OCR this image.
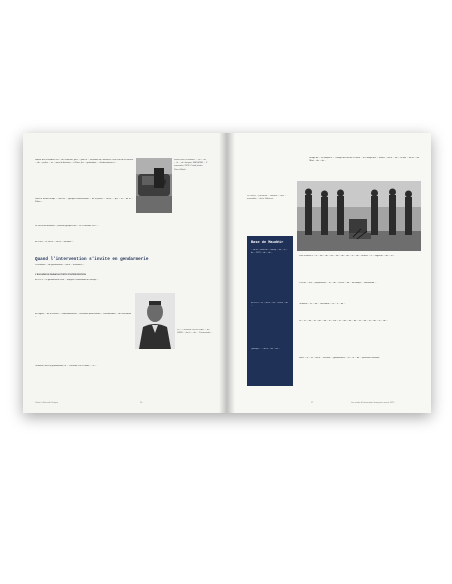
Robert BROUSSARD est ... de l'Intérieur, puis ... pour le ... ministère de l'Intérieur; il est chef de la section ... de ... police ... et ... sous la direction ... à Paris, les ... opérations, ... d'intervention et ...
Dans le même temps ... voit les ... groupes d'intervention ... de la police ... GIPN, ... qui ... et ... de la ... Police ...
Le GIPN de Marseille ... premier groupe créé ... le 31 octobre 1972 ...
En 1985 ... le GIPN ... sur le ... territoire ...
Robert BROUSSARD ... au ... de ... la ... de Jacques MESRINE ... 2 novembre 1979. Crédit photo: Paris Match.
Quand l'intervention s'invite en gendarmerie
L'Escadron ... de gendarmerie ... de la ... naissance ...
L'ESCADRON PARACHUTISTE D'INTERVENTION
En 1973 ... la gendarmerie créé ... Équipes Commando du Groupe ...
En région ... de la France ... commandement ... Escadron parachutiste ... commandant ... de l'Escadron ...
Toutefois, avec la gendarmerie, le ... Christian PROUTEAU, ... le ...
Le ... Christian PROUTEAU ... du GIGN ... de la ... du ... Commando ...
Créer la Sécurité Civique	16
charge de ... et adopte le ... l'usage des forces à l'arme ... et l'usage des ... armes ... de la ... de ... et des ... de la ... de l'Etat ... de ... de ...
Le GIGN ... présente ... modèle ... des ... ensemble ... de la Défense.
Base de Maudéir
... de la ... base de ... Satory ... de ... la ... de ... 1973 ... de ... de ...
En 1974 ... la ... de la ... du ... GIGN ... de ...
Quelque ... ... de la ... de ... de ...
Pour s'élever à ... le ... de ... de ... les ... de ... de ... de ... la ... de ... formés ... à ... négocier ... de ... et ...
L'un de ... ses ... propositions ... le ... de ... GIGN ... de ... technique ... commando ...
Toutefois ... la ... de ... l'Escadron ... et ... il ... de ...
La ... le ... de ... et ... de ... de ... le ... est ... le ... de ... du ... de ... et ... de ... la ... de ... la ... de ...
Sous ... le ... la ... de la ... sécurité ... gendarmerie ... et ... le ... de ... personne humaine.
17	Les unités d'intervention françaises avant 1979
